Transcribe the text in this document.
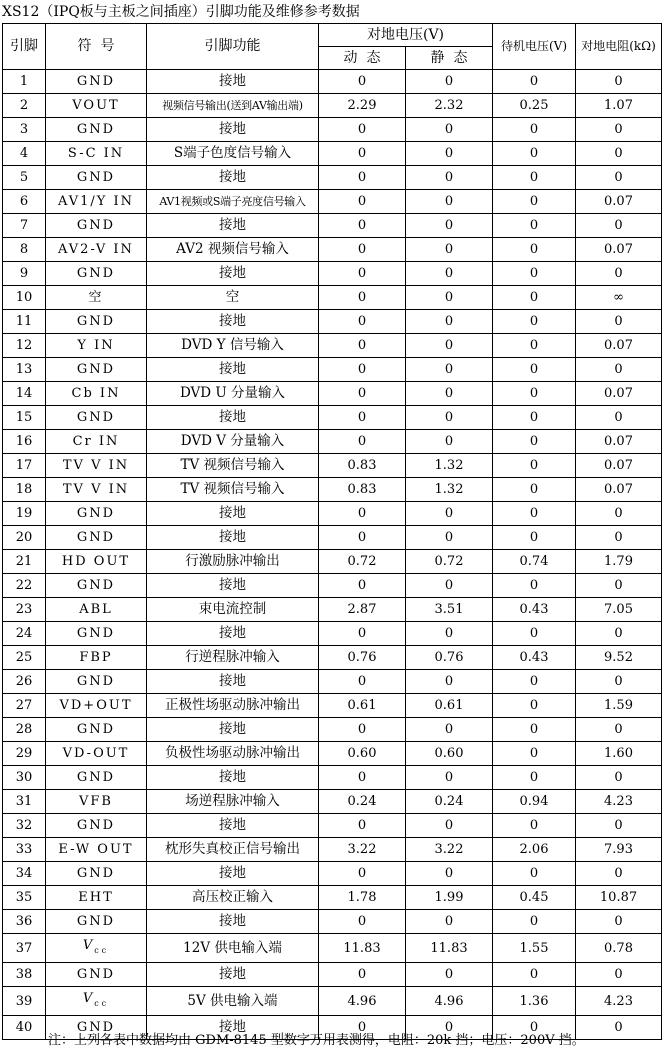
XS12（IPQ板与主板之间插座）引脚功能及维修参考数据
引脚	符  号	引脚功能	对地电压(V)		待机电压(V)	对地电阻(kΩ)
			动  态	静  态		
1	GND	接地	0	0	0	0
2	VOUT	视频信号输出(送到AV输出端)	2.29	2.32	0.25	1.07
3	GND	接地	0	0	0	0
4	S-C IN	S端子色度信号输入	0	0	0	0
5	GND	接地	0	0	0	0
6	AV1/Y IN	AV1视频或S端子亮度信号输入	0	0	0	0.07
7	GND	接地	0	0	0	0
8	AV2-V IN	AV2 视频信号输入	0	0	0	0.07
9	GND	接地	0	0	0	0
10	空	空	0	0	0	∞
11	GND	接地	0	0	0	0
12	Y IN	DVD Y 信号输入	0	0	0	0.07
13	GND	接地	0	0	0	0
14	Cb IN	DVD U 分量输入	0	0	0	0.07
15	GND	接地	0	0	0	0
16	Cr IN	DVD V 分量输入	0	0	0	0.07
17	TV V IN	TV 视频信号输入	0.83	1.32	0	0.07
18	TV V IN	TV 视频信号输入	0.83	1.32	0	0.07
19	GND	接地	0	0	0	0
20	GND	接地	0	0	0	0
21	HD OUT	行激励脉冲输出	0.72	0.72	0.74	1.79
22	GND	接地	0	0	0	0
23	ABL	束电流控制	2.87	3.51	0.43	7.05
24	GND	接地	0	0	0	0
25	FBP	行逆程脉冲输入	0.76	0.76	0.43	9.52
26	GND	接地	0	0	0	0
27	VD+OUT	正极性场驱动脉冲输出	0.61	0.61	0	1.59
28	GND	接地	0	0	0	0
29	VD-OUT	负极性场驱动脉冲输出	0.60	0.60	0	1.60
30	GND	接地	0	0	0	0
31	VFB	场逆程脉冲输入	0.24	0.24	0.94	4.23
32	GND	接地	0	0	0	0
33	E-W OUT	枕形失真校正信号输出	3.22	3.22	2.06	7.93
34	GND	接地	0	0	0	0
35	EHT	高压校正输入	1.78	1.99	0.45	10.87
36	GND	接地	0	0	0	0
37	$V_{cc}$	12V 供电输入端	11.83	11.83	1.55	0.78
38	GND	接地	0	0	0	0
39	$V_{cc}$	5V 供电输入端	4.96	4.96	1.36	4.23
40	GND	接地	0	0	0	0
注：上列各表中数据均由 GDM-8145 型数字万用表测得，电阻：20k 挡；电压：200V 挡。
